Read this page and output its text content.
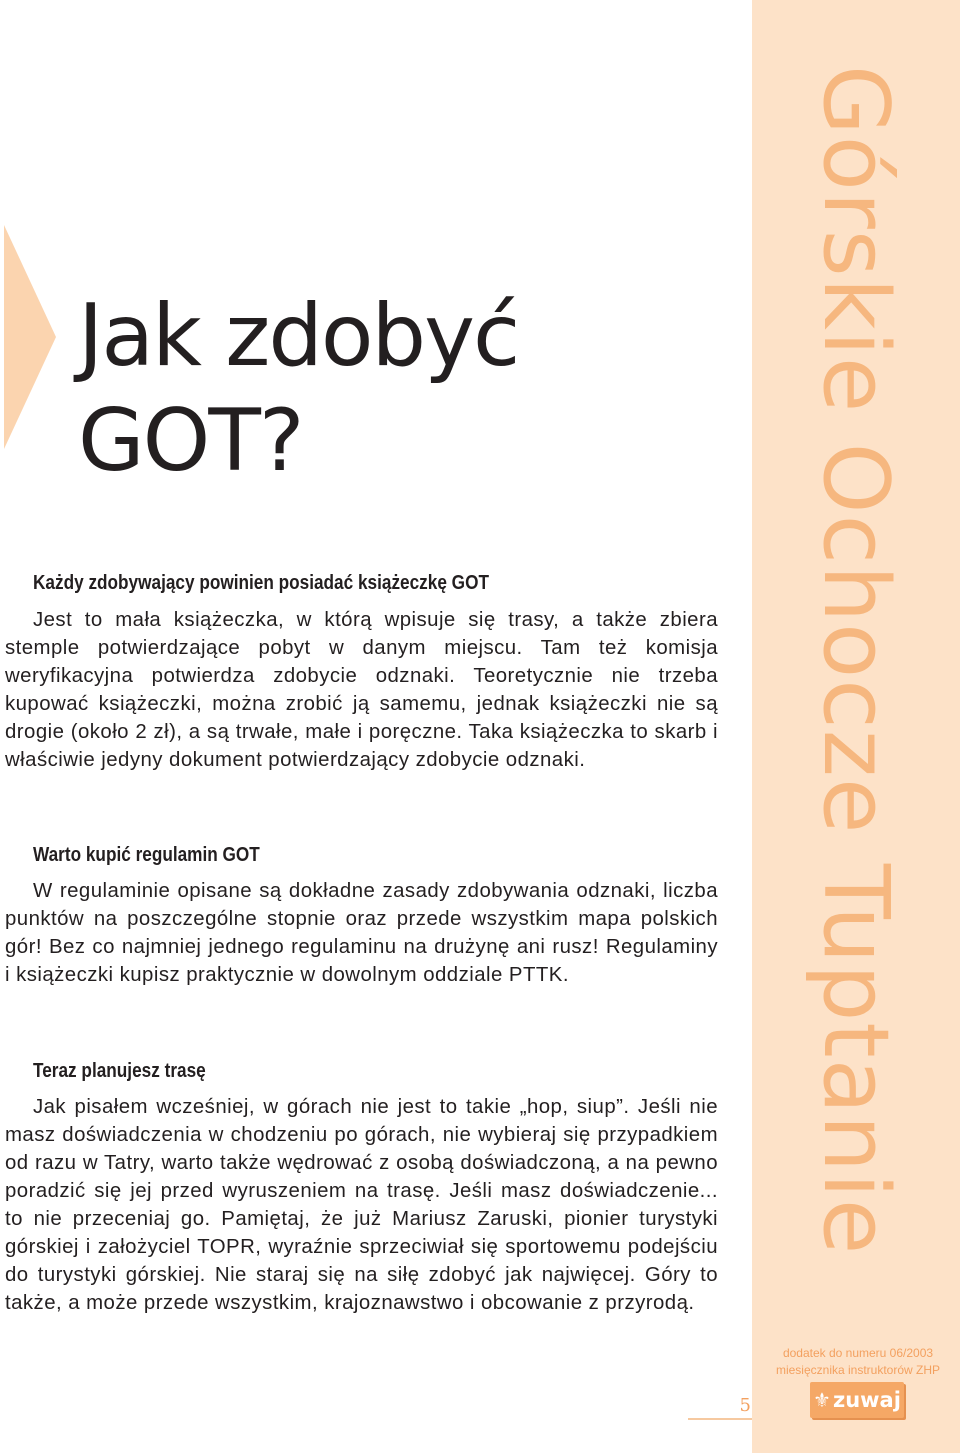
Górskie Ochocze Tuptanie
dodatek do numeru 06/2003
miesięcznika instruktorów ZHP
⚜ zuwaj
5
Jak zdobyć
GOT?
Każdy zdobywający powinien posiadać książeczkę GOT

Jest to mała książeczka, w którą wpisuje się trasy, a także zbiera stemple potwierdzające pobyt w danym miejscu. Tam też komisja weryfikacyjna potwierdza zdobycie odznaki. Teoretycznie nie trzeba kupować książeczki, można zrobić ją samemu, jednak książeczki nie są drogie (około 2 zł), a są trwałe, małe i poręczne. Taka książeczka to skarb i właściwie jedyny dokument potwierdzający zdobycie odznaki.

Warto kupić regulamin GOT

W regulaminie opisane są dokładne zasady zdobywania odznaki, liczba punktów na poszczególne stopnie oraz przede wszystkim mapa polskich gór! Bez co najmniej jednego regulaminu na drużynę ani rusz! Regulaminy i książeczki kupisz praktycznie w dowolnym oddziale PTTK.

Teraz planujesz trasę

Jak pisałem wcześniej, w górach nie jest to takie „hop, siup”. Jeśli nie masz doświadczenia w chodzeniu po górach, nie wybieraj się przypadkiem od razu w Tatry, warto także wędrować z osobą doświadczoną, a na pewno poradzić się jej przed wyruszeniem na trasę. Jeśli masz doświadczenie... to nie przeceniaj go. Pamiętaj, że już Mariusz Zaruski, pionier turystyki górskiej i założyciel TOPR, wyraźnie sprzeciwiał się sportowemu podejściu do turystyki górskiej. Nie staraj się na siłę zdobyć jak najwięcej. Góry to także, a może przede wszystkim, krajoznawstwo i obcowanie z przyrodą.
